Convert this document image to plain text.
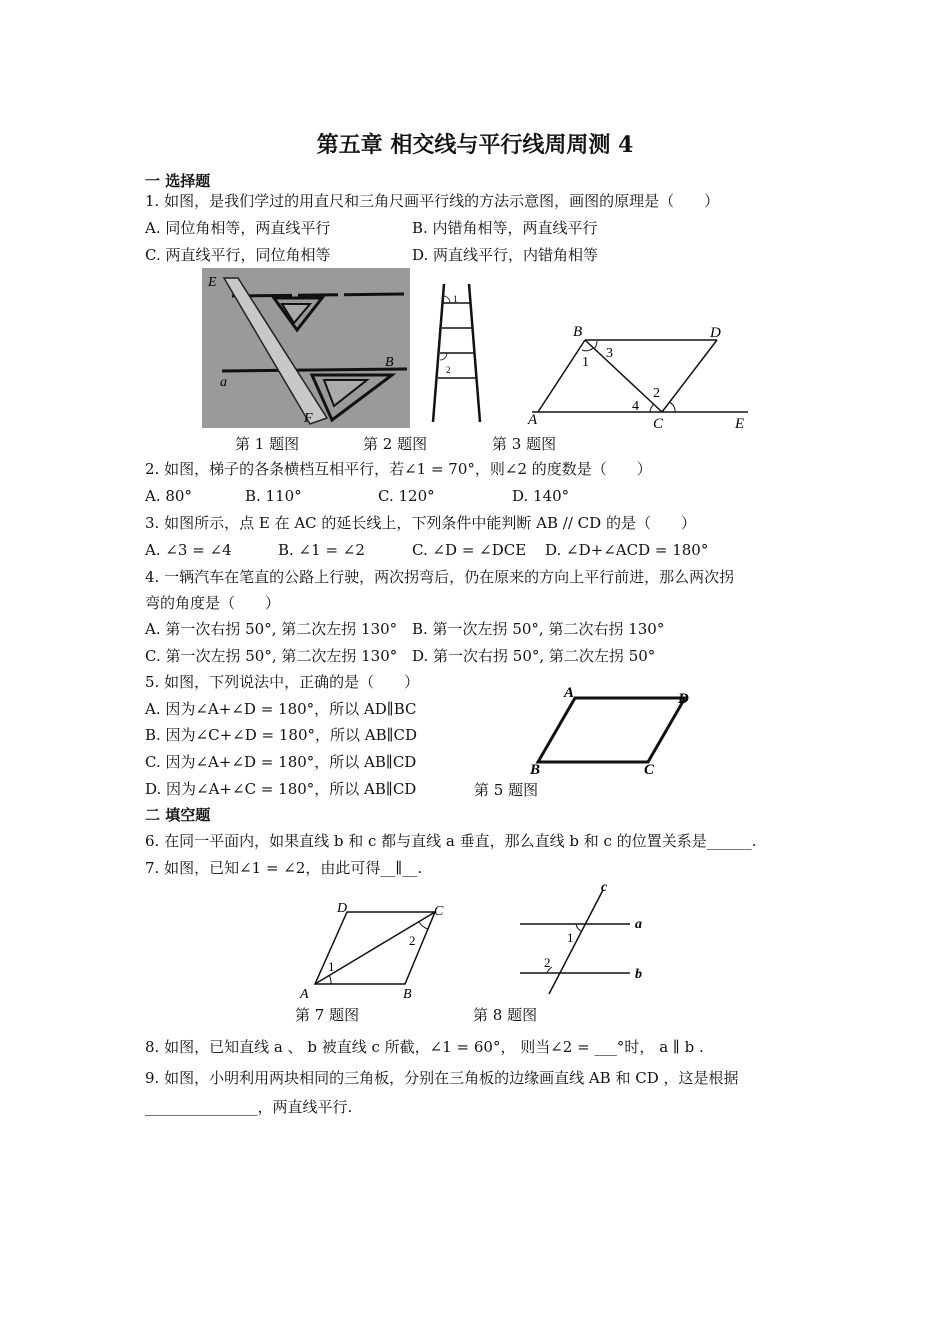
第五章 相交线与平行线周周测 4
一 选择题
1. 如图，是我们学过的用直尺和三角尺画平行线的方法示意图，画图的原理是（　　）
A. 同位角相等，两直线平行	B. 内错角相等，两直线平行
C. 两直线平行，同位角相等	D. 两直线平行，内错角相等
E
a
B
F
1
2
B	D
1
3
2
4
A	C	E
第 1 题图	第 2 题图	第 3 题图
2. 如图，梯子的各条横档互相平行，若∠1 = 70°，则∠2 的度数是（　　）
A. 80°	B. 110°	C. 120°	D. 140°
3. 如图所示，点 E 在 AC 的延长线上，下列条件中能判断 AB // CD 的是（　　）
A. ∠3 = ∠4	B. ∠1 = ∠2	C. ∠D = ∠DCE D. ∠D+∠ACD = 180°
4. 一辆汽车在笔直的公路上行驶，两次拐弯后，仍在原来的方向上平行前进，那么两次拐
弯的角度是（　　）
A. 第一次右拐 50°, 第二次左拐 130° B. 第一次左拐 50°, 第二次右拐 130°
C. 第一次左拐 50°, 第二次左拐 130° D. 第一次右拐 50°, 第二次左拐 50°
5. 如图，下列说法中，正确的是（　　）
A. 因为∠A+∠D = 180°，所以 AD∥BC
B. 因为∠C+∠D = 180°，所以 AB∥CD
C. 因为∠A+∠D = 180°，所以 AB∥CD
D. 因为∠A+∠C = 180°，所以 AB∥CD
A	D
B	C
第 5 题图
二 填空题
6. 在同一平面内，如果直线 b 和 c 都与直线 a 垂直，那么直线 b 和 c 的位置关系是______.
7. 如图，已知∠1 = ∠2，由此可得__∥__.
D	C
A	B
1
2
c
a
b
1
2
第 7 题图	第 8 题图
8. 如图，已知直线 a 、 b 被直线 c 所截，∠1 = 60°， 则当∠2 = ___°时， a ∥ b .
9. 如图，小明利用两块相同的三角板，分别在三角板的边缘画直线 AB 和 CD ，这是根据
_______________，两直线平行.
